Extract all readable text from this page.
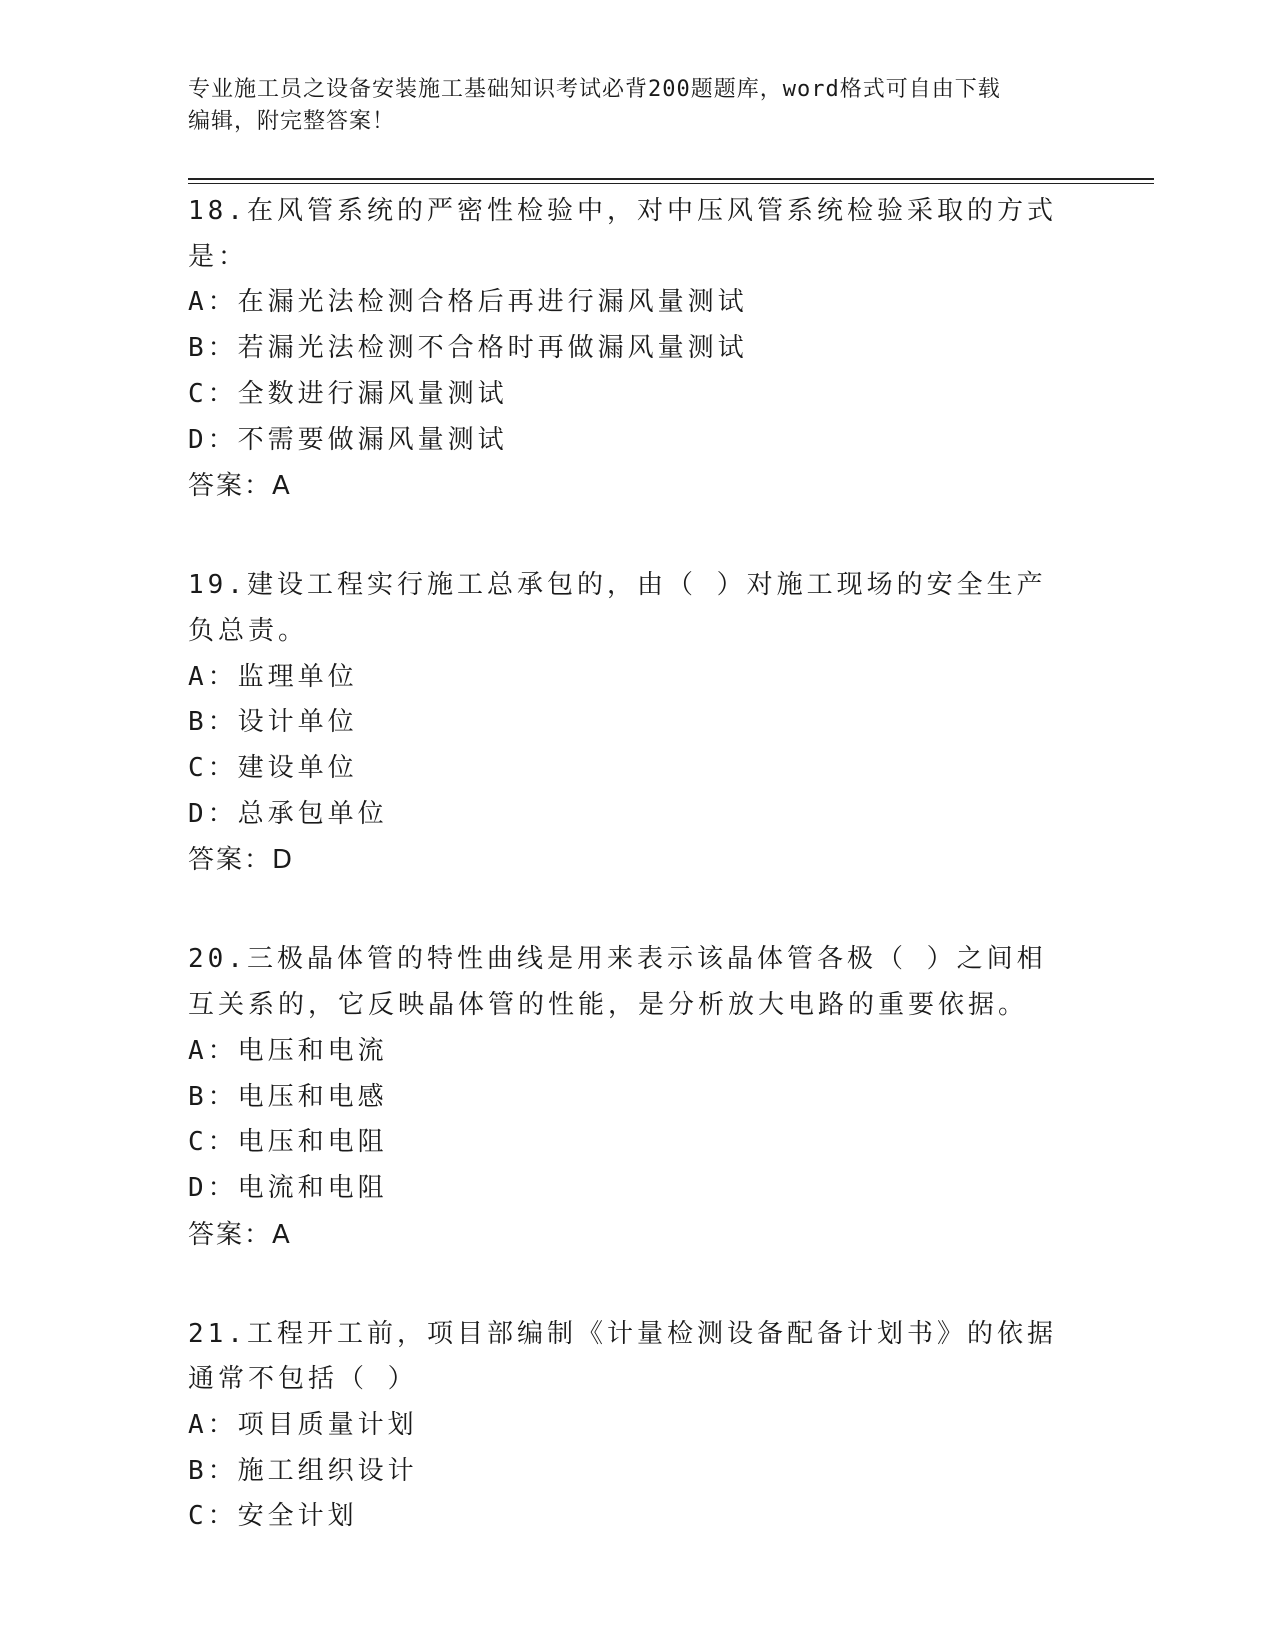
专业施工员之设备安装施工基础知识考试必背200题题库，word格式可自由下载
编辑，附完整答案！

18.在风管系统的严密性检验中，对中压风管系统检验采取的方式是：

A：在漏光法检测合格后再进行漏风量测试

B：若漏光法检测不合格时再做漏风量测试

C：全数进行漏风量测试

D：不需要做漏风量测试

答案：A

19.建设工程实行施工总承包的，由（ ）对施工现场的安全生产负总责。

A：监理单位

B：设计单位

C：建设单位

D：总承包单位

答案：D

20.三极晶体管的特性曲线是用来表示该晶体管各极（ ）之间相互关系的，它反映晶体管的性能，是分析放大电路的重要依据。

A：电压和电流

B：电压和电感

C：电压和电阻

D：电流和电阻

答案：A

21.工程开工前，项目部编制《计量检测设备配备计划书》的依据通常不包括（ ）

A：项目质量计划

B：施工组织设计

C：安全计划
